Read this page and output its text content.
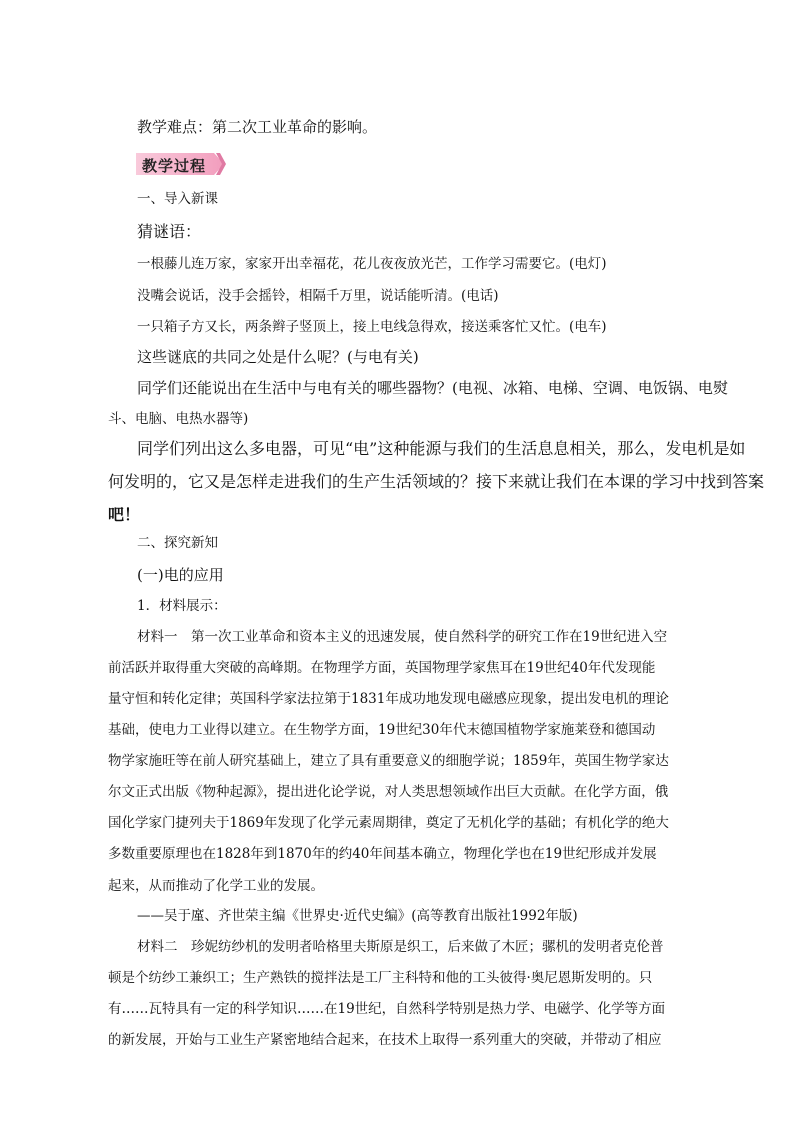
教学难点：第二次工业革命的影响。
教学过程
一、导入新课
猜谜语：
一根藤儿连万家，家家开出幸福花，花儿夜夜放光芒，工作学习需要它。(电灯)
没嘴会说话，没手会摇铃，相隔千万里，说话能听清。(电话)
一只箱子方又长，两条辫子竖顶上，接上电线急得欢，接送乘客忙又忙。(电车)
这些谜底的共同之处是什么呢？(与电有关)
同学们还能说出在生活中与电有关的哪些器物？(电视、冰箱、电梯、空调、电饭锅、电熨
斗、电脑、电热水器等)
同学们列出这么多电器，可见“电”这种能源与我们的生活息息相关，那么，发电机是如
何发明的，它又是怎样走进我们的生产生活领域的？接下来就让我们在本课的学习中找到答案
吧！
二、探究新知
(一)电的应用
1．材料展示：
材料一　第一次工业革命和资本主义的迅速发展，使自然科学的研究工作在19世纪进入空
前活跃并取得重大突破的高峰期。在物理学方面，英国物理学家焦耳在19世纪40年代发现能
量守恒和转化定律；英国科学家法拉第于1831年成功地发现电磁感应现象，提出发电机的理论
基础，使电力工业得以建立。在生物学方面，19世纪30年代末德国植物学家施莱登和德国动
物学家施旺等在前人研究基础上，建立了具有重要意义的细胞学说；1859年，英国生物学家达
尔文正式出版《物种起源》，提出进化论学说，对人类思想领域作出巨大贡献。在化学方面，俄
国化学家门捷列夫于1869年发现了化学元素周期律，奠定了无机化学的基础；有机化学的绝大
多数重要原理也在1828年到1870年的约40年间基本确立，物理化学也在19世纪形成并发展
起来，从而推动了化学工业的发展。
——吴于廑、齐世荣主编《世界史·近代史编》(高等教育出版社1992年版)
材料二　珍妮纺纱机的发明者哈格里夫斯原是织工，后来做了木匠；骡机的发明者克伦普
顿是个纺纱工兼织工；生产熟铁的搅拌法是工厂主科特和他的工头彼得·奥尼恩斯发明的。只
有……瓦特具有一定的科学知识……在19世纪，自然科学特别是热力学、电磁学、化学等方面
的新发展，开始与工业生产紧密地结合起来，在技术上取得一系列重大的突破，并带动了相应
